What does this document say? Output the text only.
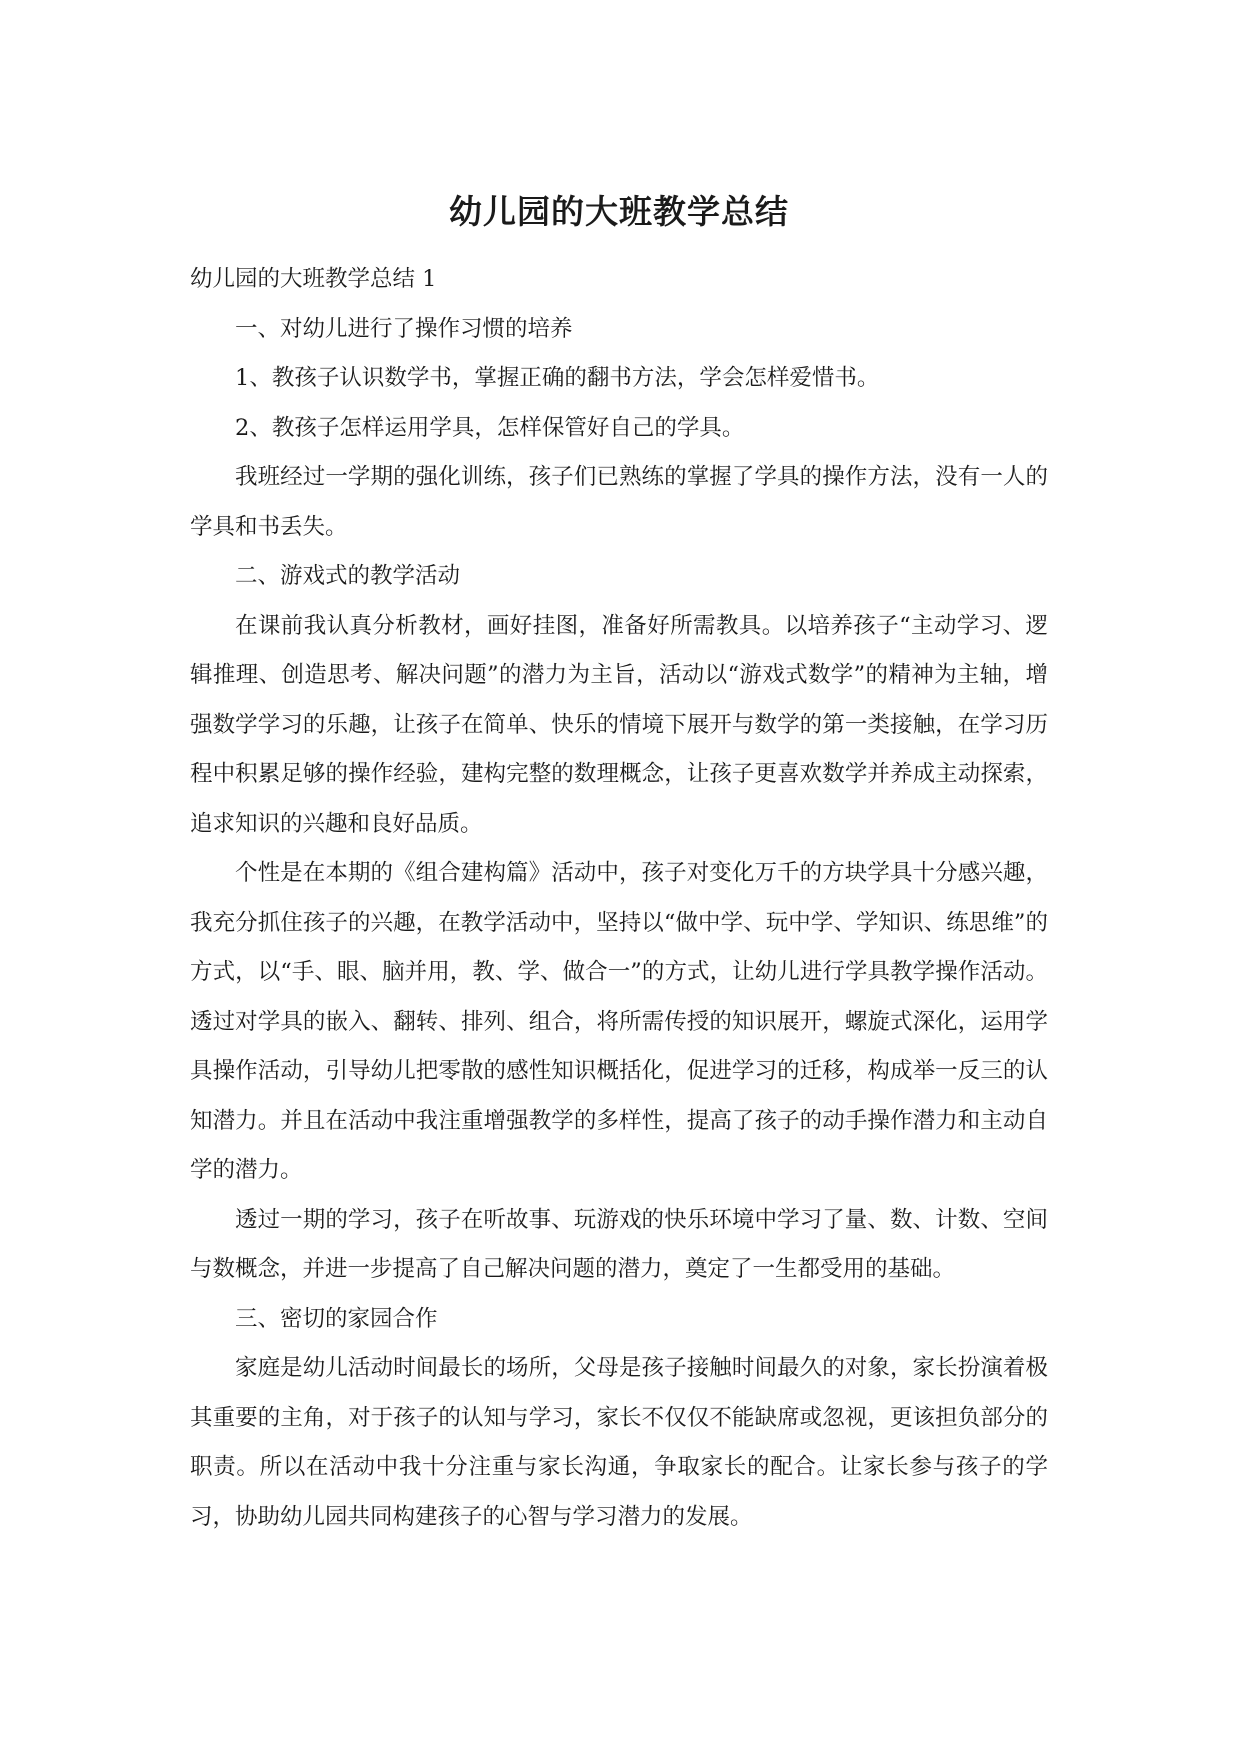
幼儿园的大班教学总结

幼儿园的大班教学总结 1

一、对幼儿进行了操作习惯的培养

1、教孩子认识数学书，掌握正确的翻书方法，学会怎样爱惜书。

2、教孩子怎样运用学具，怎样保管好自己的学具。

我班经过一学期的强化训练，孩子们已熟练的掌握了学具的操作方法，没有一人的学具和书丢失。

二、游戏式的教学活动

在课前我认真分析教材，画好挂图，准备好所需教具。以培养孩子“主动学习、逻辑推理、创造思考、解决问题”的潜力为主旨，活动以“游戏式数学”的精神为主轴，增强数学学习的乐趣，让孩子在简单、快乐的情境下展开与数学的第一类接触，在学习历程中积累足够的操作经验，建构完整的数理概念，让孩子更喜欢数学并养成主动探索，追求知识的兴趣和良好品质。

个性是在本期的《组合建构篇》活动中，孩子对变化万千的方块学具十分感兴趣，我充分抓住孩子的兴趣，在教学活动中，坚持以“做中学、玩中学、学知识、练思维”的方式，以“手、眼、脑并用，教、学、做合一”的方式，让幼儿进行学具教学操作活动。透过对学具的嵌入、翻转、排列、组合，将所需传授的知识展开，螺旋式深化，运用学具操作活动，引导幼儿把零散的感性知识概括化，促进学习的迁移，构成举一反三的认知潜力。并且在活动中我注重增强教学的多样性，提高了孩子的动手操作潜力和主动自学的潜力。

透过一期的学习，孩子在听故事、玩游戏的快乐环境中学习了量、数、计数、空间与数概念，并进一步提高了自己解决问题的潜力，奠定了一生都受用的基础。

三、密切的家园合作

家庭是幼儿活动时间最长的场所，父母是孩子接触时间最久的对象，家长扮演着极其重要的主角，对于孩子的认知与学习，家长不仅仅不能缺席或忽视，更该担负部分的职责。所以在活动中我十分注重与家长沟通，争取家长的配合。让家长参与孩子的学习，协助幼儿园共同构建孩子的心智与学习潜力的发展。
